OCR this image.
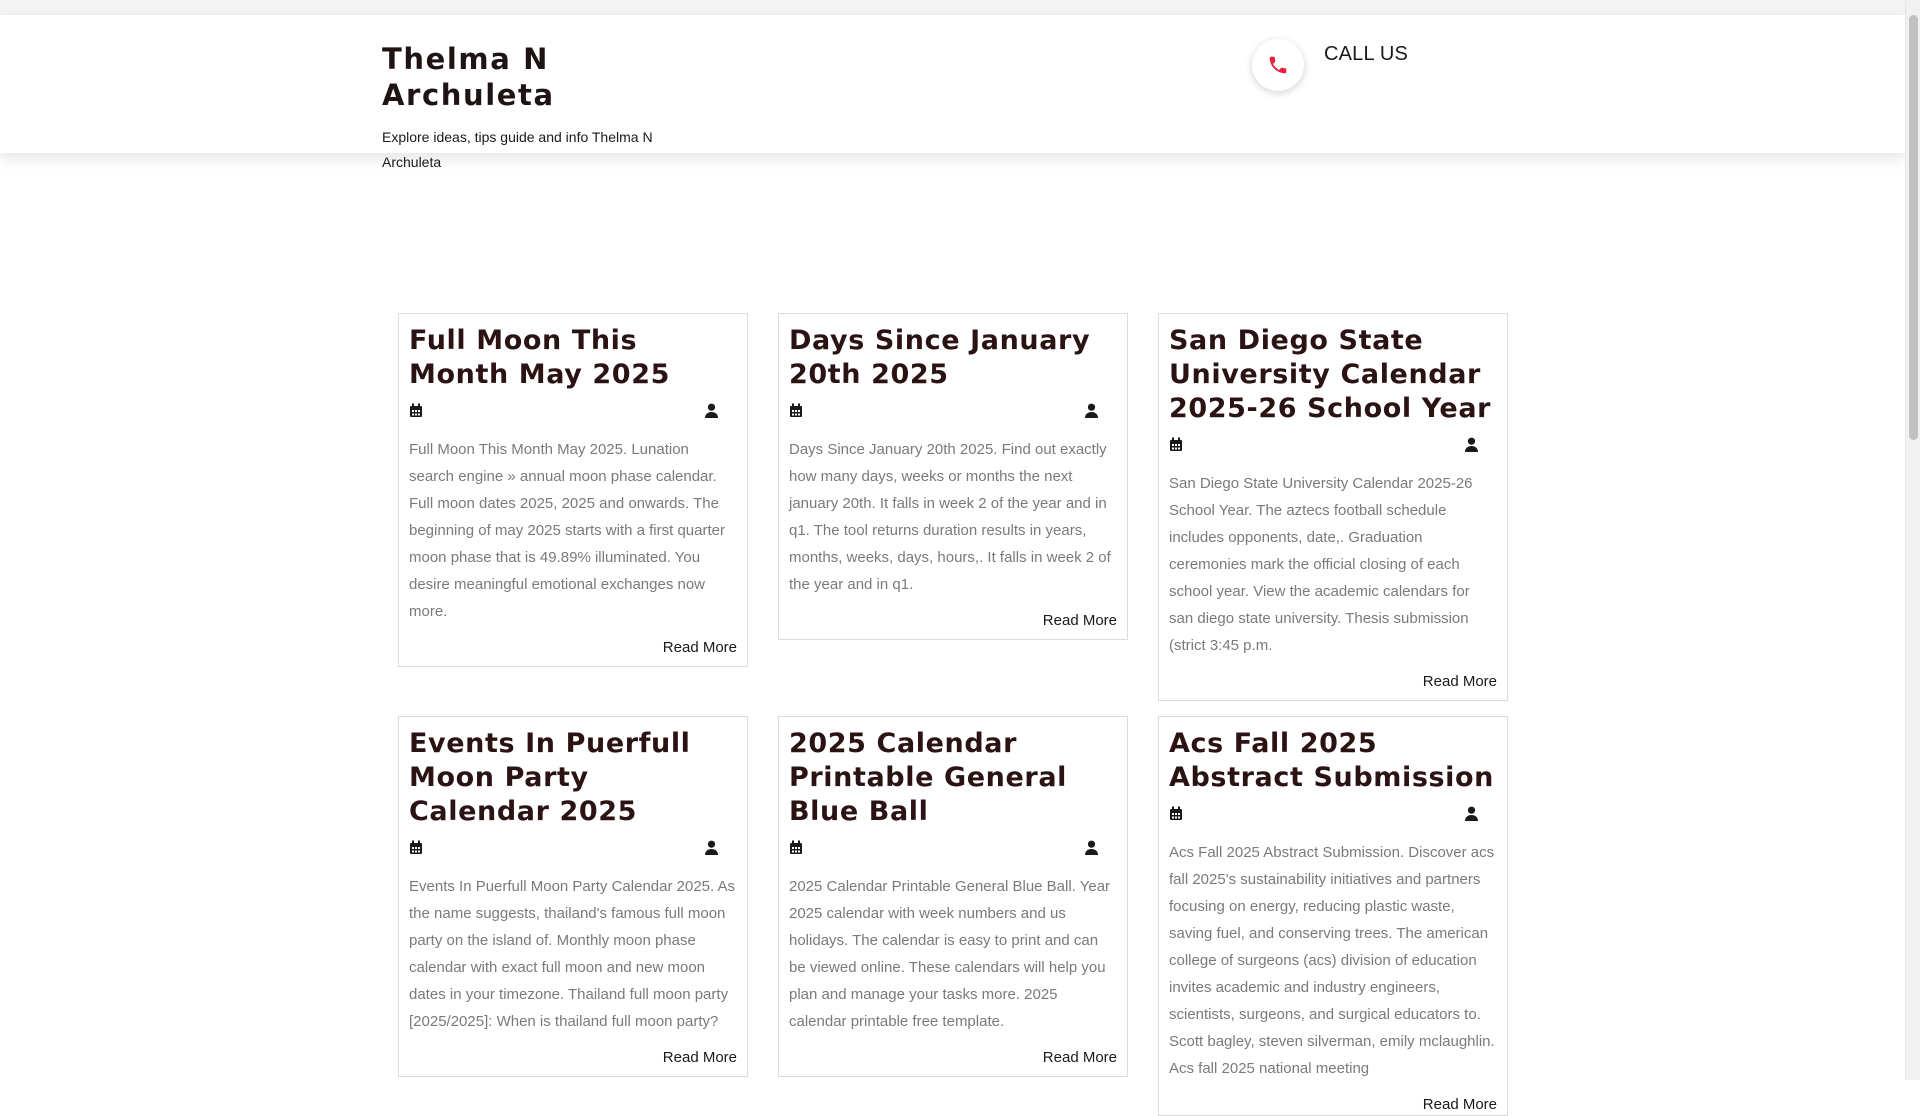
Thelma N Archuleta
Explore ideas, tips guide and info Thelma N Archuleta
CALL US
Full Moon This Month May 2025

Full Moon This Month May 2025. Lunation search engine » annual moon phase calendar. Full moon dates 2025, 2025 and onwards. The beginning of may 2025 starts with a first quarter moon phase that is 49.89% illuminated. You desire meaningful emotional exchanges now more.

Read More
Days Since January 20th 2025

Days Since January 20th 2025. Find out exactly how many days, weeks or months the next january 20th. It falls in week 2 of the year and in q1. The tool returns duration results in years, months, weeks, days, hours,. It falls in week 2 of the year and in q1.

Read More
San Diego State University Calendar 2025-26 School Year

San Diego State University Calendar 2025-26 School Year. The aztecs football schedule includes opponents, date,. Graduation ceremonies mark the official closing of each school year. View the academic calendars for san diego state university. Thesis submission (strict 3:45 p.m.

Read More
Events In Puerfull Moon Party Calendar 2025

Events In Puerfull Moon Party Calendar 2025. As the name suggests, thailand's famous full moon party on the island of. Monthly moon phase calendar with exact full moon and new moon dates in your timezone. Thailand full moon party [2025/2025]: When is thailand full moon party?

Read More
2025 Calendar Printable General Blue Ball

2025 Calendar Printable General Blue Ball. Year 2025 calendar with week numbers and us holidays. The calendar is easy to print and can be viewed online. These calendars will help you plan and manage your tasks more. 2025 calendar printable free template.

Read More
Acs Fall 2025 Abstract Submission

Acs Fall 2025 Abstract Submission. Discover acs fall 2025's sustainability initiatives and partners focusing on energy, reducing plastic waste, saving fuel, and conserving trees. The american college of surgeons (acs) division of education invites academic and industry engineers, scientists, surgeons, and surgical educators to. Scott bagley, steven silverman, emily mclaughlin. Acs fall 2025 national meeting

Read More
